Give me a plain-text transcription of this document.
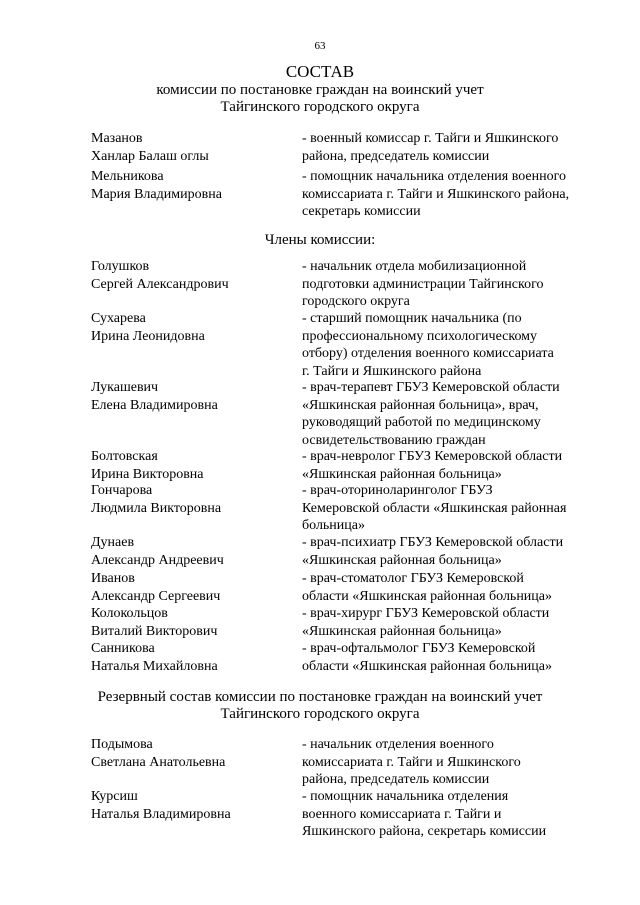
63
СОСТАВ
комиссии по постановке граждан на воинский учет
Тайгинского городского округа
Мазанов
Ханлар Балаш оглы
- военный комиссар г. Тайги и Яшкинского
района, председатель комиссии
Мельникова
Мария Владимировна
- помощник начальника отделения военного
комиссариата г. Тайги и Яшкинского района,
секретарь комиссии
Члены комиссии:
Голушков
Сергей Александрович
- начальник отдела мобилизационной
подготовки администрации Тайгинского
городского округа
Сухарева
Ирина Леонидовна
- старший помощник начальника (по
профессиональному психологическому
отбору) отделения военного комиссариата
г. Тайги и Яшкинского района
Лукашевич
Елена Владимировна
- врач-терапевт ГБУЗ Кемеровской области
«Яшкинская районная больница», врач,
руководящий работой по медицинскому
освидетельствованию граждан
Болтовская
Ирина Викторовна
- врач-невролог ГБУЗ Кемеровской области
«Яшкинская районная больница»
Гончарова
Людмила Викторовна
- врач-оториноларинголог ГБУЗ
Кемеровской области «Яшкинская районная
больница»
Дунаев
Александр Андреевич
- врач-психиатр ГБУЗ Кемеровской области
«Яшкинская районная больница»
Иванов
Александр Сергеевич
- врач-стоматолог ГБУЗ Кемеровской
области «Яшкинская районная больница»
Колокольцов
Виталий Викторович
- врач-хирург ГБУЗ Кемеровской области
«Яшкинская районная больница»
Санникова
Наталья Михайловна
- врач-офтальмолог ГБУЗ Кемеровской
области «Яшкинская районная больница»
Резервный состав комиссии по постановке граждан на воинский учет
Тайгинского городского округа
Подымова
Светлана Анатольевна
- начальник отделения военного
комиссариата г. Тайги и Яшкинского
района, председатель комиссии
Курсиш
Наталья Владимировна
- помощник начальника отделения
военного комиссариата г. Тайги и
Яшкинского района, секретарь комиссии
